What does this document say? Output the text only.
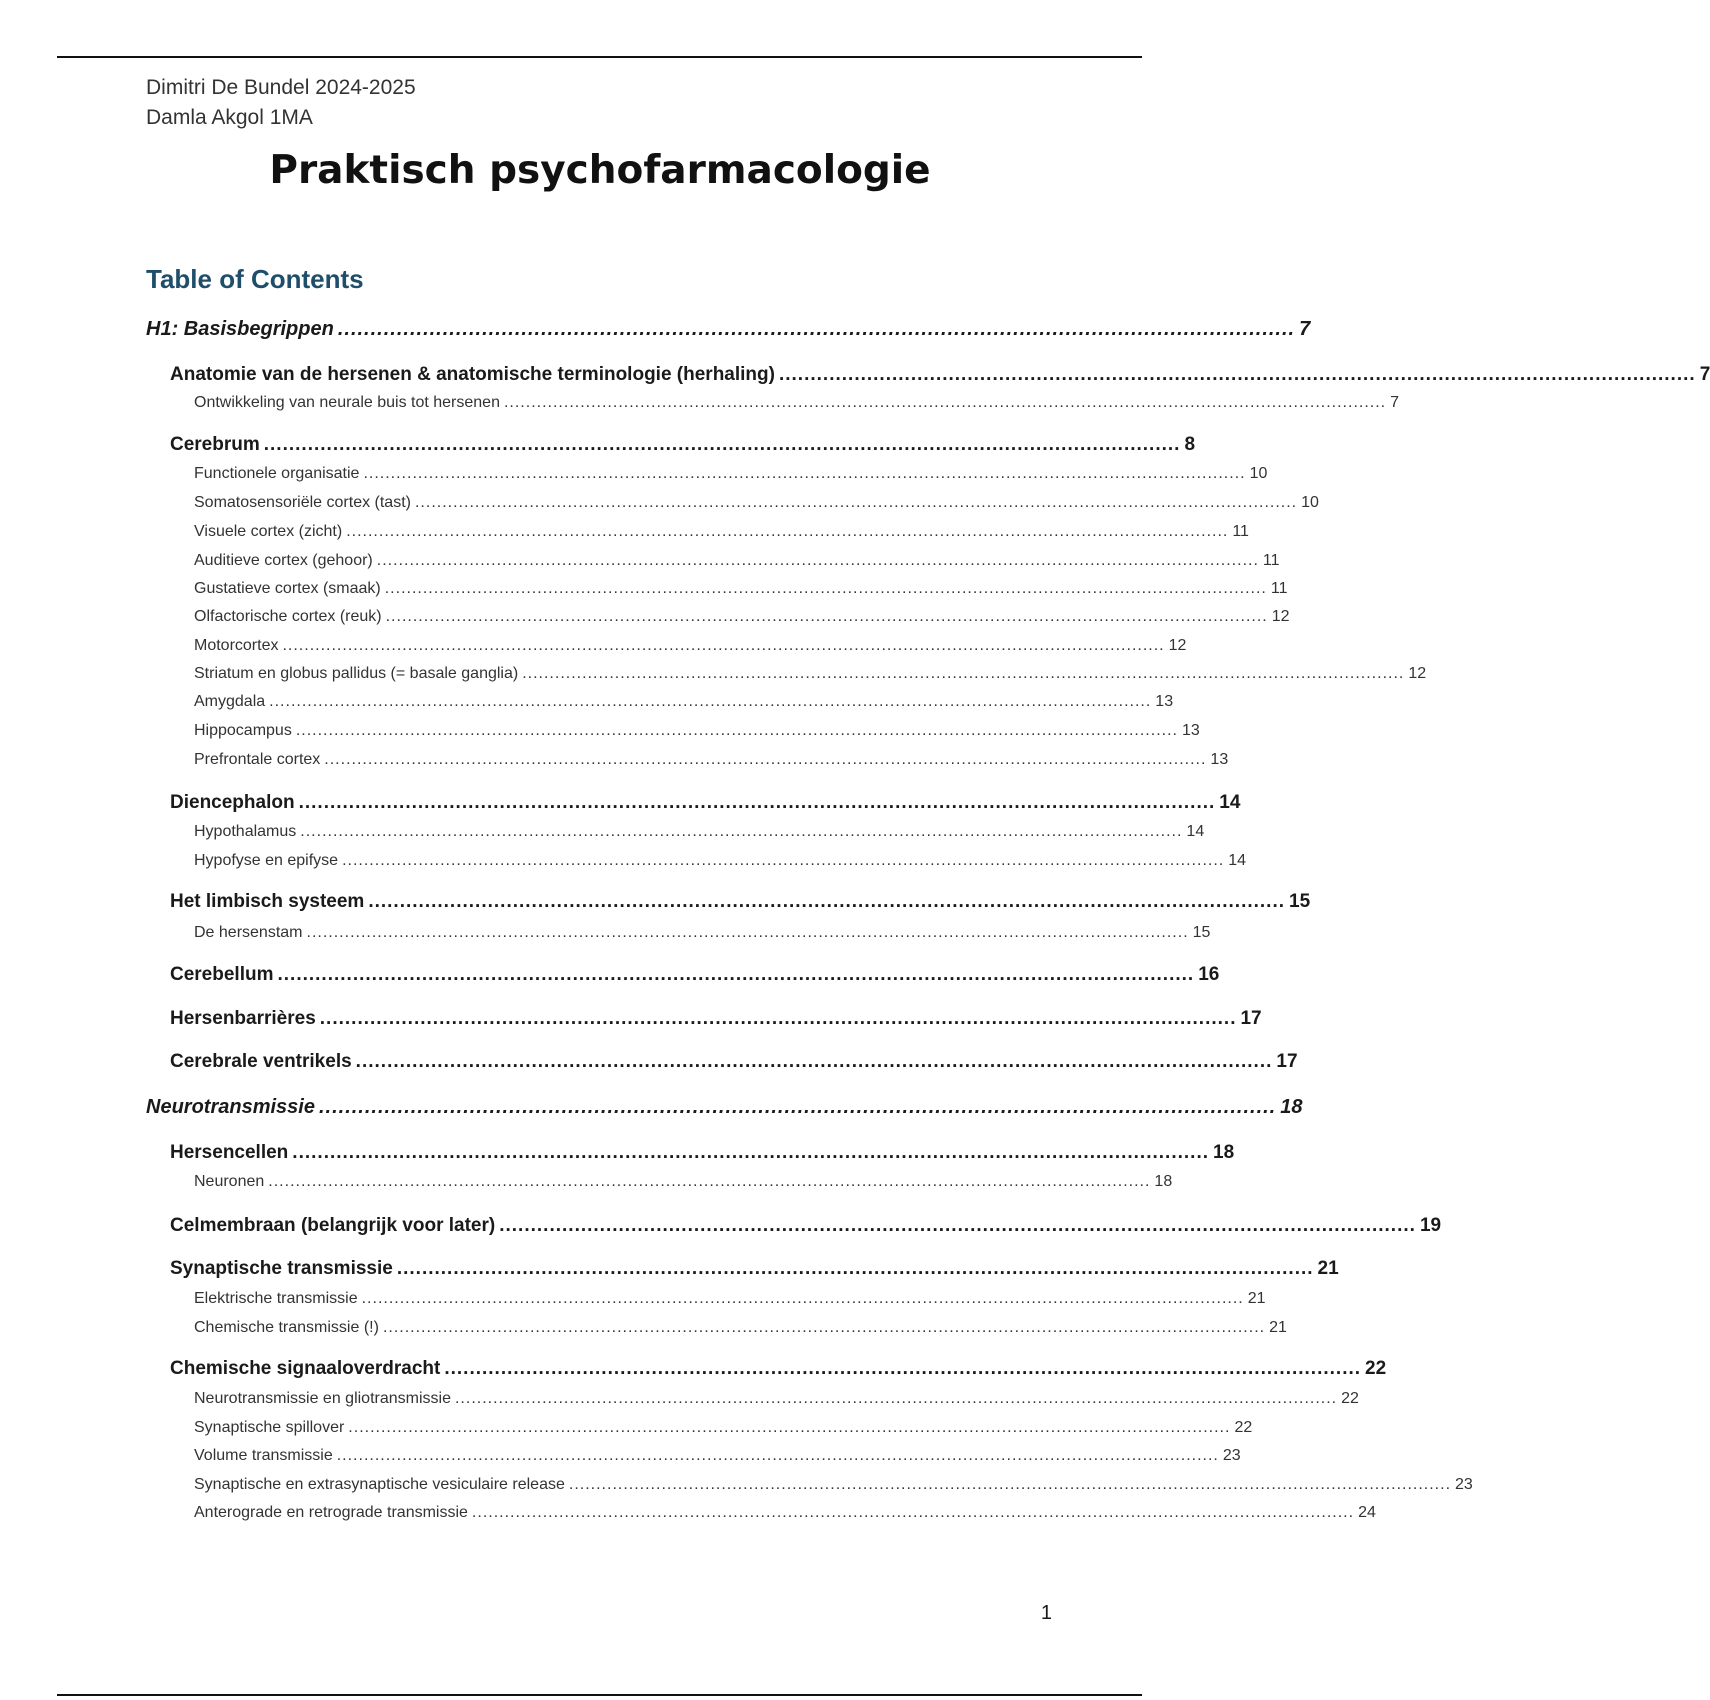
Dimitri De Bundel 2024-2025
Damla Akgol 1MA
Praktisch psychofarmacologie
Table of Contents
H1: Basisbegrippen .................................................................................................................................................. 7
Anatomie van de hersenen & anatomische terminologie (herhaling) .................................................................................................................................................. 7
Ontwikkeling van neurale buis tot hersenen .................................................................................................................................................................. 7
Cerebrum .................................................................................................................................................. 8
Functionele organisatie .................................................................................................................................................................. 10
Somatosensoriële cortex (tast) .................................................................................................................................................................. 10
Visuele cortex (zicht) .................................................................................................................................................................. 11
Auditieve cortex (gehoor) .................................................................................................................................................................. 11
Gustatieve cortex (smaak) .................................................................................................................................................................. 11
Olfactorische cortex (reuk) .................................................................................................................................................................. 12
Motorcortex .................................................................................................................................................................. 12
Striatum en globus pallidus (= basale ganglia) .................................................................................................................................................................. 12
Amygdala .................................................................................................................................................................. 13
Hippocampus .................................................................................................................................................................. 13
Prefrontale cortex .................................................................................................................................................................. 13
Diencephalon .................................................................................................................................................. 14
Hypothalamus .................................................................................................................................................................. 14
Hypofyse en epifyse .................................................................................................................................................................. 14
Het limbisch systeem .................................................................................................................................................. 15
De hersenstam .................................................................................................................................................................. 15
Cerebellum .................................................................................................................................................. 16
Hersenbarrières .................................................................................................................................................. 17
Cerebrale ventrikels .................................................................................................................................................. 17
Neurotransmissie .................................................................................................................................................. 18
Hersencellen .................................................................................................................................................. 18
Neuronen .................................................................................................................................................................. 18
Celmembraan (belangrijk voor later) .................................................................................................................................................. 19
Synaptische transmissie .................................................................................................................................................. 21
Elektrische transmissie .................................................................................................................................................................. 21
Chemische transmissie (!) .................................................................................................................................................................. 21
Chemische signaaloverdracht .................................................................................................................................................. 22
Neurotransmissie en gliotransmissie .................................................................................................................................................................. 22
Synaptische spillover .................................................................................................................................................................. 22
Volume transmissie .................................................................................................................................................................. 23
Synaptische en extrasynaptische vesiculaire release .................................................................................................................................................................. 23
Anterograde en retrograde transmissie .................................................................................................................................................................. 24
1
